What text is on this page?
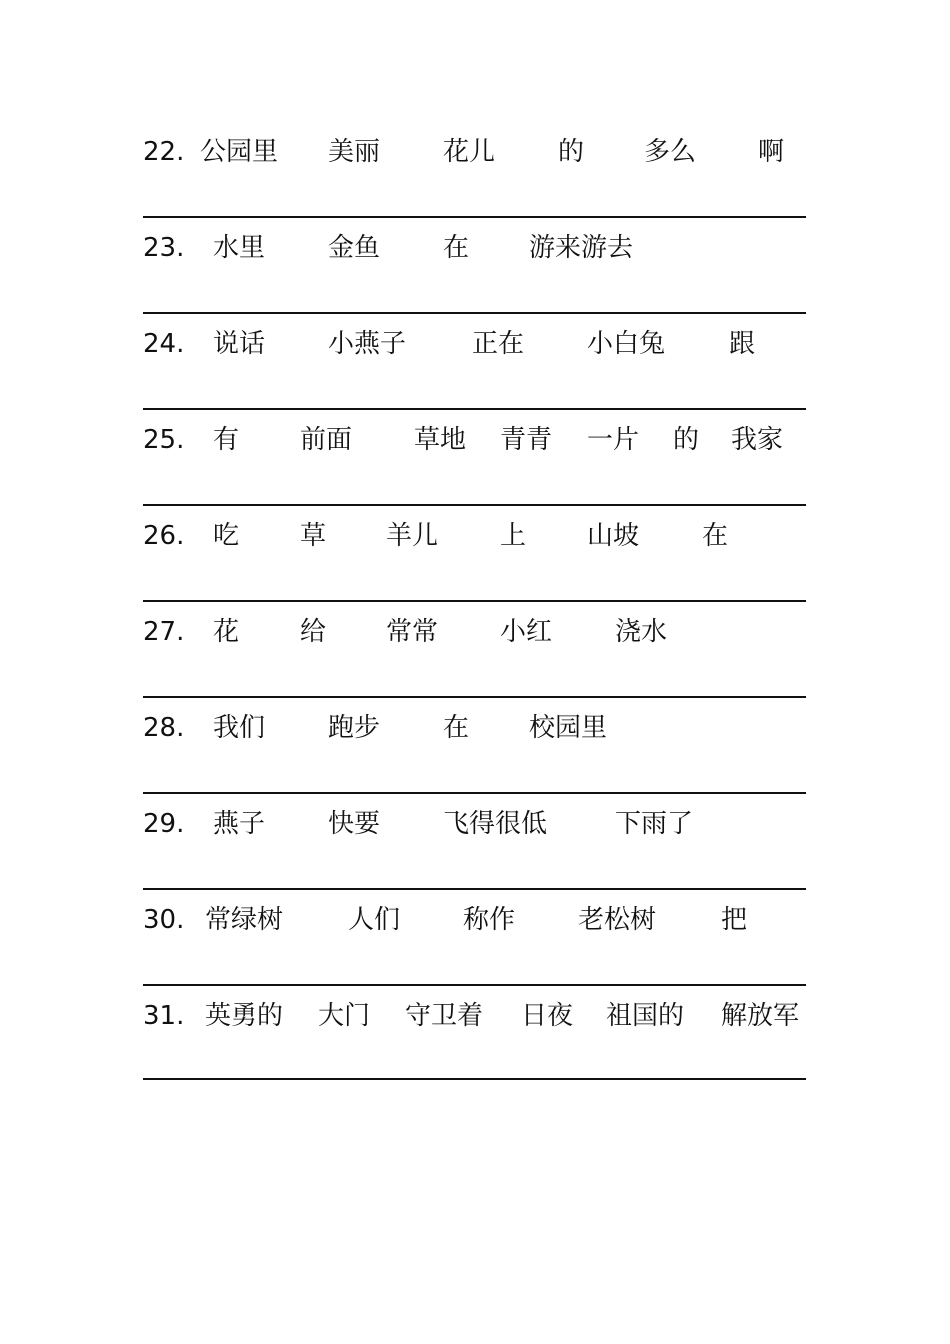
22. 公园里 美丽 花儿 的 多么 啊
23. 水里 金鱼 在 游来游去
24. 说话 小燕子	正在 小白兔 跟
25. 有 前面 草地 青青 一片 的 我家
26. 吃 草 羊儿 上 山坡 在
27. 花 给 常常 小红 浇水
28. 我们 跑步 在 校园里
29. 燕子 快要 飞得很低	下雨了
30. 常绿树 人们 称作 老松树 把
31. 英勇的 大门 守卫着 日夜 祖国的 解放军
